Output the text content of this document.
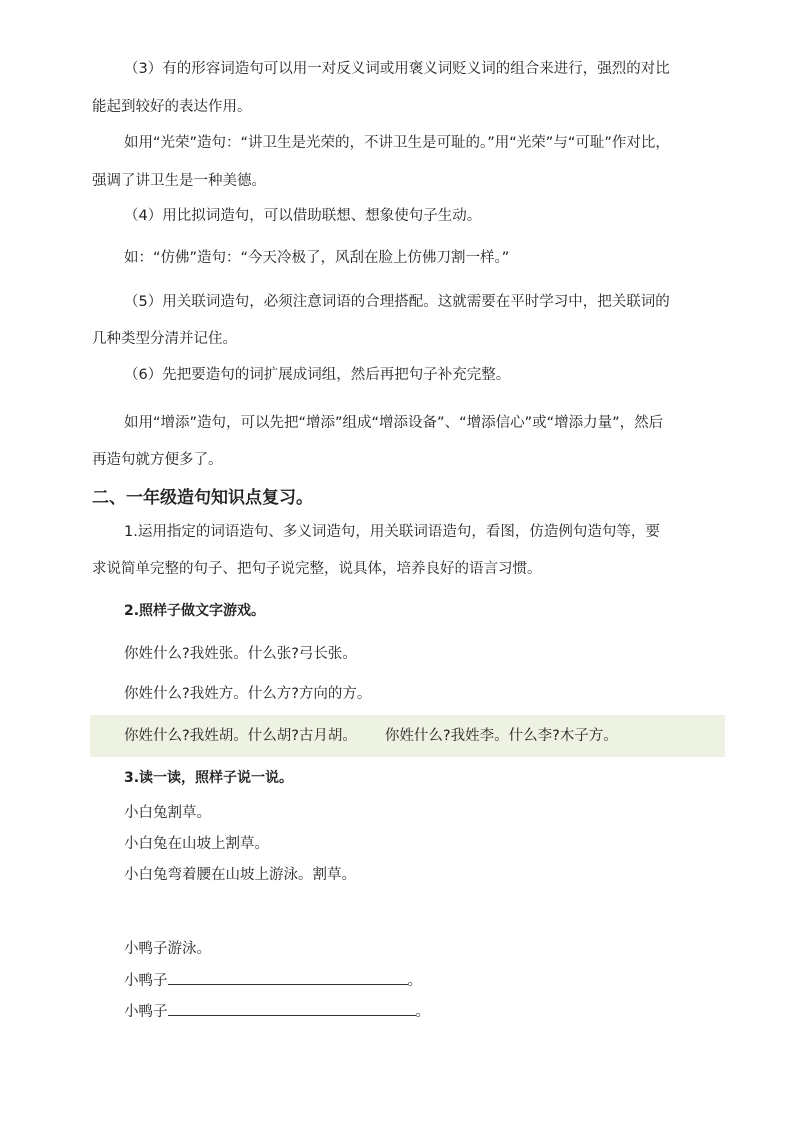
（3）有的形容词造句可以用一对反义词或用褒义词贬义词的组合来进行，强烈的对比
能起到较好的表达作用。
如用“光荣”造句：“讲卫生是光荣的，不讲卫生是可耻的。”用“光荣”与“可耻”作对比，
强调了讲卫生是一种美德。
（4）用比拟词造句，可以借助联想、想象使句子生动。
如：“仿佛”造句：“今天冷极了，风刮在脸上仿佛刀割一样。”
（5）用关联词造句，必须注意词语的合理搭配。这就需要在平时学习中，把关联词的
几种类型分清并记住。
（6）先把要造句的词扩展成词组，然后再把句子补充完整。
如用“增添”造句，可以先把“增添”组成“增添设备”、“增添信心”或“增添力量”，然后
再造句就方便多了。
二、一年级造句知识点复习。
1.运用指定的词语造句、多义词造句，用关联词语造句，看图，仿造例句造句等，要
求说简单完整的句子、把句子说完整，说具体，培养良好的语言习惯。
2.照样子做文字游戏。
你姓什么?我姓张。什么张?弓长张。
你姓什么?我姓方。什么方?方向的方。
你姓什么?我姓胡。什么胡?古月胡。 你姓什么?我姓李。什么李?木子方。
3.读一读，照样子说一说。
小白兔割草。
小白兔在山坡上割草。
小白兔弯着腰在山坡上游泳。割草。
小鸭子游泳。
小鸭子	。
小鸭子	。
